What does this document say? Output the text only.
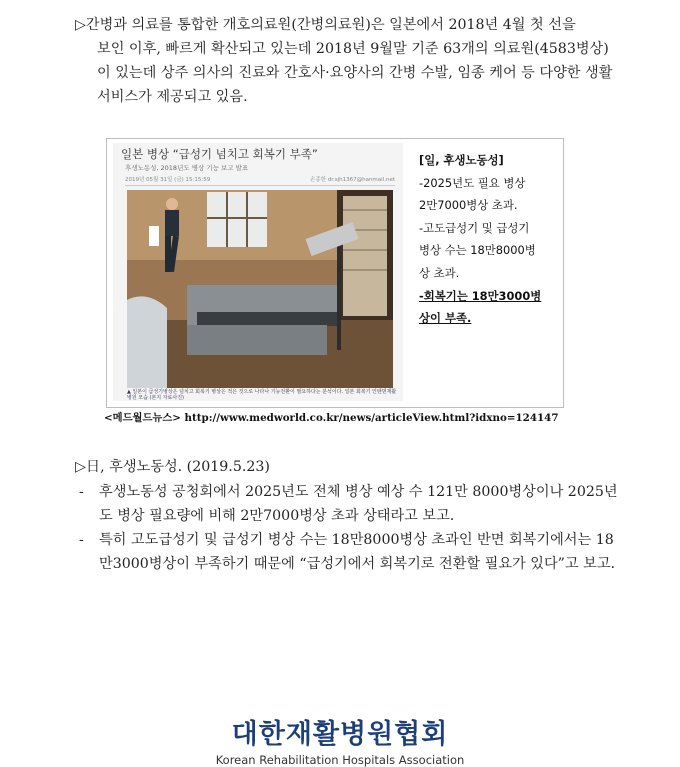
▷간병과 의료를 통합한 개호의료원(간병의료원)은 일본에서 2018년 4월 첫 선을
보인 이후, 빠르게 확산되고 있는데 2018년 9월말 기준 63개의 의료원(4583병상)이 있는데 상주 의사의 진료와 간호사·요양사의 간병 수발, 임종 케어 등 다양한 생활서비스가 제공되고 있음.
일본 병상 “급성기 넘치고 회복기 부족”
후생노동성, 2018년도 병상 기능 보고 발표
2019년 05월 31일 (금) 15:15:59	손종한 dr.sjh1367@hanmail.net
▲ 일본이 급성기병상은 넘치고 회복기 병상은 적은 것으로 나타나 기능전환이 필요하다는 분석이다. 일본 회복기 인텐덴재활병원 모습 (본지 자료사진)
[일, 후생노동성]
-2025년도 필요 병상
2만7000병상 초과.
-고도급성기 및 급성기
병상 수는 18만8000병
상 초과.
-회복기는 18만3000병
상이 부족.
<메드월드뉴스> http://www.medworld.co.kr/news/articleView.html?idxno=124147
▷日, 후생노동성. (2019.5.23)
-	후생노동성 공청회에서 2025년도 전체 병상 예상 수 121만 8000병상이나 2025년도 병상 필요량에 비해 2만7000병상 초과 상태라고 보고.
-	특히 고도급성기 및 급성기 병상 수는 18만8000병상 초과인 반면 회복기에서는 18만3000병상이 부족하기 때문에 “급성기에서 회복기로 전환할 필요가 있다”고 보고.
대한재활병원협회
Korean Rehabilitation Hospitals Association
